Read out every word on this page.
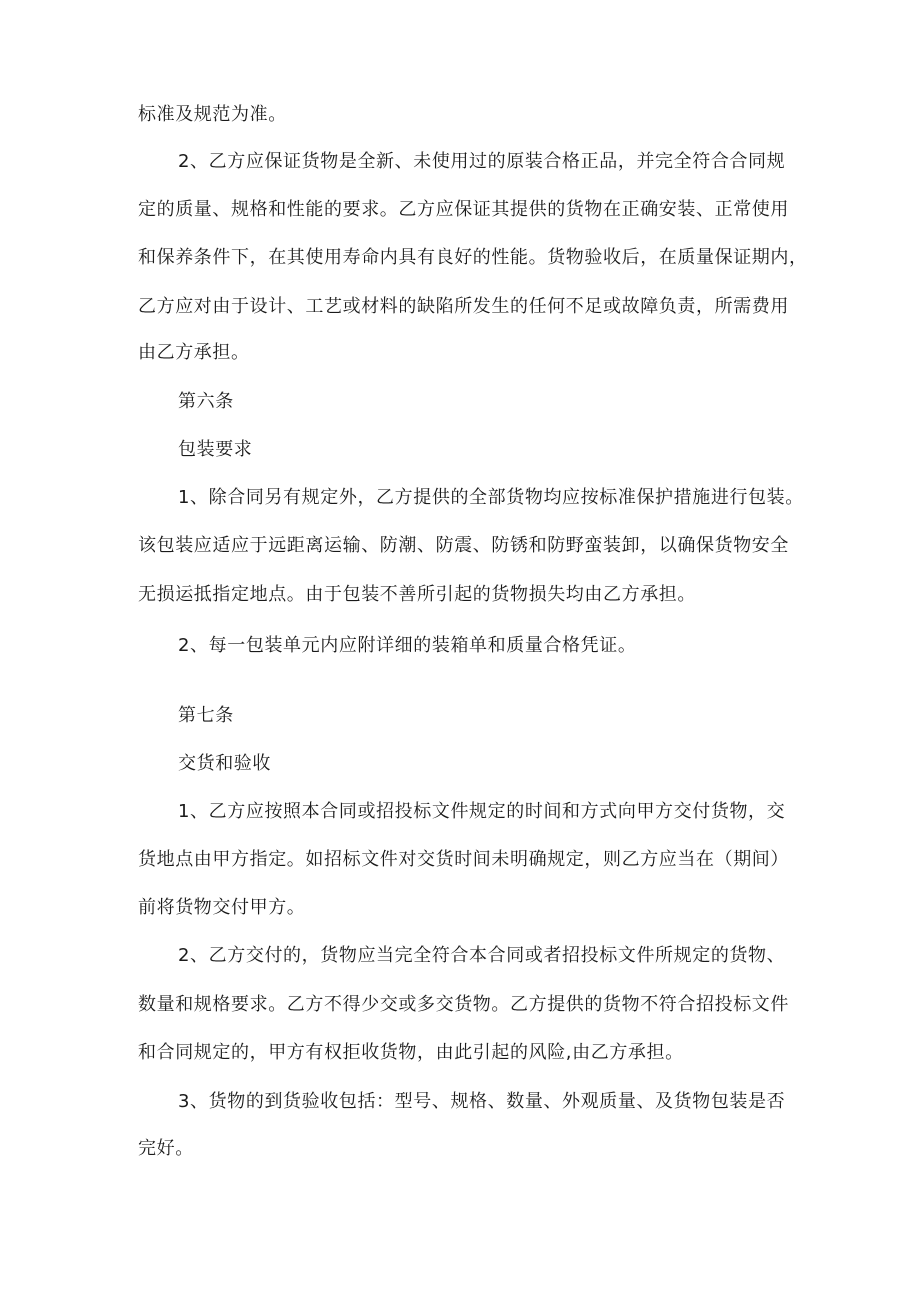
标准及规范为准。

2、乙方应保证货物是全新、未使用过的原装合格正品，并完全符合合同规

定的质量、规格和性能的要求。乙方应保证其提供的货物在正确安装、正常使用

和保养条件下，在其使用寿命内具有良好的性能。货物验收后，在质量保证期内，

乙方应对由于设计、工艺或材料的缺陷所发生的任何不足或故障负责，所需费用

由乙方承担。

第六条

包装要求

1、除合同另有规定外，乙方提供的全部货物均应按标准保护措施进行包装。

该包装应适应于远距离运输、防潮、防震、防锈和防野蛮装卸，以确保货物安全

无损运抵指定地点。由于包装不善所引起的货物损失均由乙方承担。

2、每一包装单元内应附详细的装箱单和质量合格凭证。

第七条

交货和验收

1、乙方应按照本合同或招投标文件规定的时间和方式向甲方交付货物，交

货地点由甲方指定。如招标文件对交货时间未明确规定，则乙方应当在（期间）

前将货物交付甲方。

2、乙方交付的，货物应当完全符合本合同或者招投标文件所规定的货物、

数量和规格要求。乙方不得少交或多交货物。乙方提供的货物不符合招投标文件

和合同规定的，甲方有权拒收货物，由此引起的风险,由乙方承担。

3、货物的到货验收包括：型号、规格、数量、外观质量、及货物包装是否

完好。
